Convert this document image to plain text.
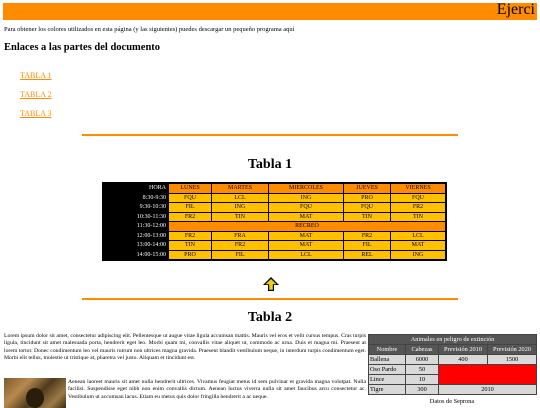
Ejerci

Para obtener los colores utilizados en esta página (y las siguientes) puedes descargar un pequeño programa aquí

Enlaces a las partes del documento
TABLA 1
TABLA 2
TABLA 3
Tabla 1
HORA	LUNES	MARTES	MIERCOLES	JUEVES	VIERNES
8:30-9:30	FQU	LCL	ING	PRO	FQU
9:30-10:30	FIL	ING	FQU	FQU	FR2
10:30-11:30	FR2	TIN	MAT	TIN	TIN
11:30-12:00	RECREO				
12:00-13:00	FR2	FRA	MAT	FR2	LCL
13:00-14:00	TIN	FR2	MAT	FIL	MAT
14:00-15:00	PRO	FIL	LCL	REL	ING
Tabla 2

Lorem ipsum dolor sit amet, consectetur adipiscing elit. Pellentesque ut augue vitae ligula accumsan mattis. Mauris vel eros et velit cursus tempus. Cras turpis ligula, tincidunt sit amet malesuada porta, hendrerit eget leo. Morbi quam mi, convallis vitae aliquet ut, commodo ac urna. Duis et magna mi. Praesent at lorem tortor. Donec condimentum leo vel mauris rutrum non ultrices magna gravida. Praesent blandit vestibulum neque, in interdum turpis condimentum eget. Morbi elit tellus, molestie ut tristique at, pharetra vel justo. Aliquam et tincidunt est.

Aenean laoreet mauris sit amet nulla hendrerit ultrices. Vivamus feugiat metus id sem pulvinar et gravida magna volutpat. Nulla facilisi. Suspendisse eget nibh non enim convallis dictum. Aenean luctus viverra nulla sit amet faucibus arcu consectetur ac. Vestibulum ut accumsan lacus. Etiam eu metus quis dolor fringilla hendrerit a ac neque.

Animales en peligro de extinción			
Nombre	Cabezas	Previsión 2010	Previsión 2020
Ballena	6000	400	1500
Oso Pardo	50	0	
Lince	10		
Tigre	300	2010	
Datos de Seprona
